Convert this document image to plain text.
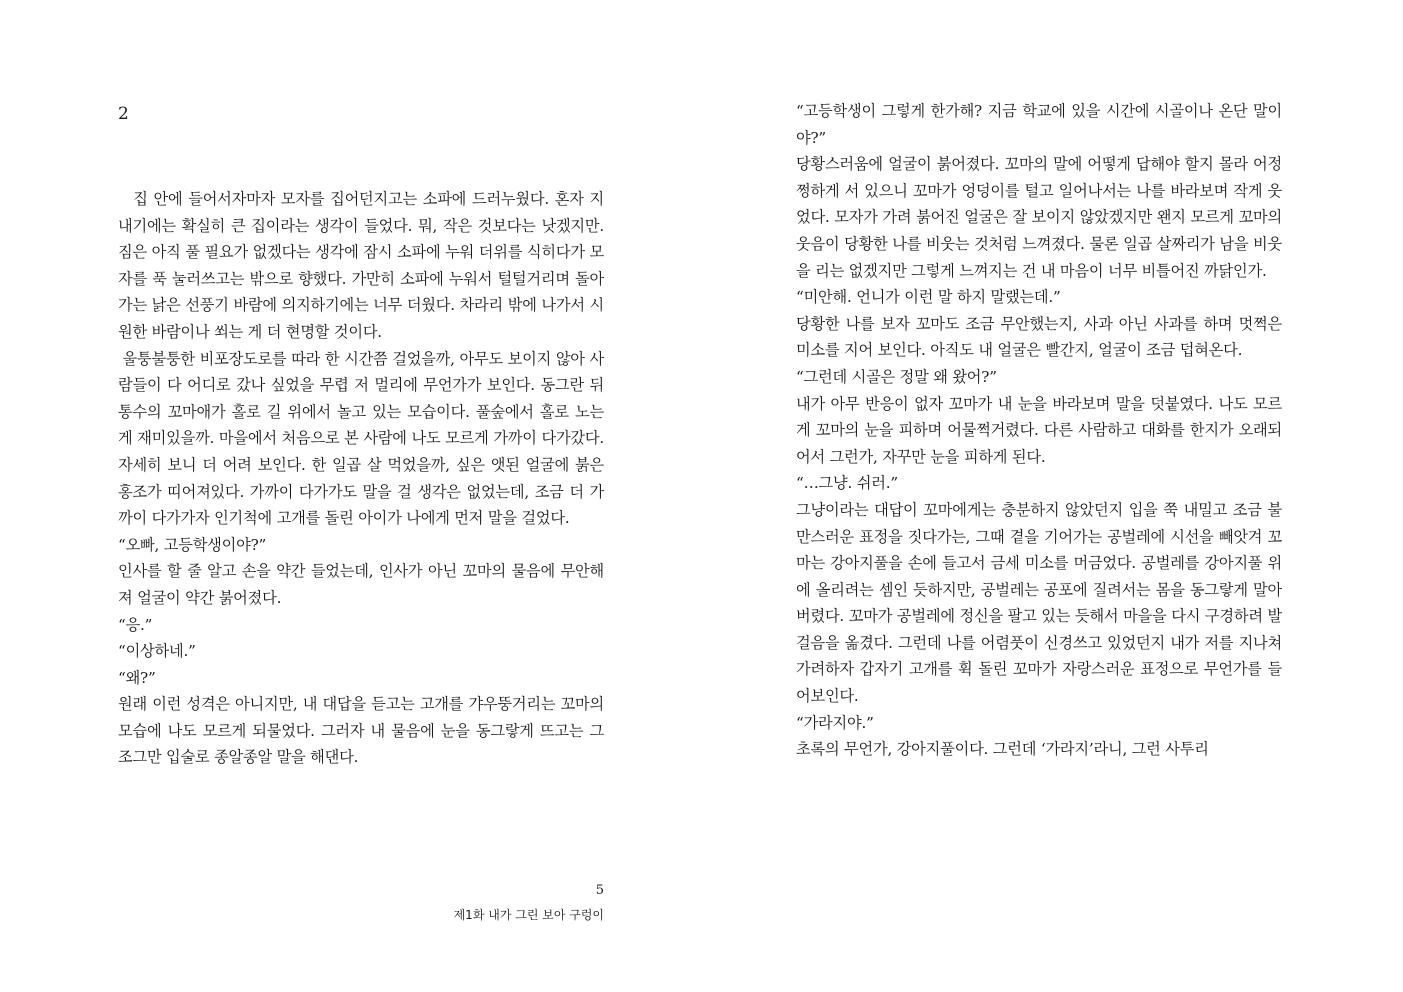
2

집 안에 들어서자마자 모자를 집어던지고는 소파에 드러누웠다. 혼자 지내기에는 확실히 큰 집이라는 생각이 들었다. 뭐, 작은 것보다는 낫겠지만. 짐은 아직 풀 필요가 없겠다는 생각에 잠시 소파에 누워 더위를 식히다가 모자를 푹 눌러쓰고는 밖으로 향했다. 가만히 소파에 누워서 털털거리며 돌아가는 낡은 선풍기 바람에 의지하기에는 너무 더웠다. 차라리 밖에 나가서 시원한 바람이나 쐬는 게 더 현명할 것이다.

울퉁불퉁한 비포장도로를 따라 한 시간쯤 걸었을까, 아무도 보이지 않아 사람들이 다 어디로 갔나 싶었을 무렵 저 멀리에 무언가가 보인다. 동그란 뒤통수의 꼬마애가 홀로 길 위에서 놀고 있는 모습이다. 풀숲에서 홀로 노는 게 재미있을까. 마을에서 처음으로 본 사람에 나도 모르게 가까이 다가갔다. 자세히 보니 더 어려 보인다. 한 일곱 살 먹었을까, 싶은 앳된 얼굴에 붉은 홍조가 띠어져있다. 가까이 다가가도 말을 걸 생각은 없었는데, 조금 더 가까이 다가가자 인기척에 고개를 돌린 아이가 나에게 먼저 말을 걸었다.

“오빠, 고등학생이야?”

인사를 할 줄 알고 손을 약간 들었는데, 인사가 아닌 꼬마의 물음에 무안해져 얼굴이 약간 붉어졌다.

“응.”

“이상하네.”

“왜?”

원래 이런 성격은 아니지만, 내 대답을 듣고는 고개를 갸우뚱거리는 꼬마의 모습에 나도 모르게 되물었다. 그러자 내 물음에 눈을 동그랗게 뜨고는 그 조그만 입술로 종알종알 말을 해댄다.

5
제1화 내가 그린 보아 구렁이

“고등학생이 그렇게 한가해? 지금 학교에 있을 시간에 시골이나 온단 말이야?”

당황스러움에 얼굴이 붉어졌다. 꼬마의 말에 어떻게 답해야 할지 몰라 어정쩡하게 서 있으니 꼬마가 엉덩이를 털고 일어나서는 나를 바라보며 작게 웃었다. 모자가 가려 붉어진 얼굴은 잘 보이지 않았겠지만 왠지 모르게 꼬마의 웃음이 당황한 나를 비웃는 것처럼 느껴졌다. 물론 일곱 살짜리가 남을 비웃을 리는 없겠지만 그렇게 느껴지는 건 내 마음이 너무 비틀어진 까닭인가.

“미안해. 언니가 이런 말 하지 말랬는데.”

당황한 나를 보자 꼬마도 조금 무안했는지, 사과 아닌 사과를 하며 멋쩍은 미소를 지어 보인다. 아직도 내 얼굴은 빨간지, 얼굴이 조금 덥혀온다.

“그런데 시골은 정말 왜 왔어?”

내가 아무 반응이 없자 꼬마가 내 눈을 바라보며 말을 덧붙였다. 나도 모르게 꼬마의 눈을 피하며 어물쩍거렸다. 다른 사람하고 대화를 한지가 오래되어서 그런가, 자꾸만 눈을 피하게 된다.

“…그냥. 쉬러.”

그냥이라는 대답이 꼬마에게는 충분하지 않았던지 입을 쭉 내밀고 조금 불만스러운 표정을 짓다가는, 그때 곁을 기어가는 공벌레에 시선을 빼앗겨 꼬마는 강아지풀을 손에 들고서 금세 미소를 머금었다. 공벌레를 강아지풀 위에 올리려는 셈인 듯하지만, 공벌레는 공포에 질려서는 몸을 동그랗게 말아버렸다. 꼬마가 공벌레에 정신을 팔고 있는 듯해서 마을을 다시 구경하려 발걸음을 옮겼다. 그런데 나를 어렴풋이 신경쓰고 있었던지 내가 저를 지나쳐가려하자 갑자기 고개를 휙 돌린 꼬마가 자랑스러운 표정으로 무언가를 들어보인다.

“가라지야.”

초록의 무언가, 강아지풀이다. 그런데 ‘가라지’라니, 그런 사투리
